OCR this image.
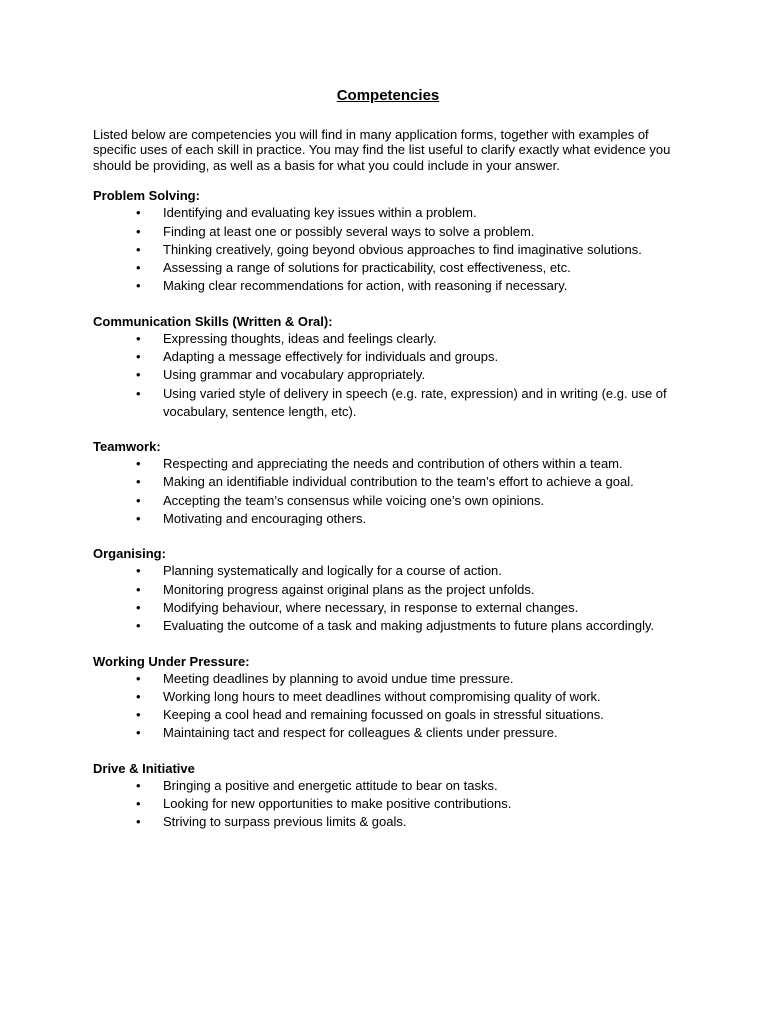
Competencies

Listed below are competencies you will find in many application forms, together with examples of specific uses of each skill in practice. You may find the list useful to clarify exactly what evidence you should be providing, as well as a basis for what you could include in your answer.

Problem Solving:

• Identifying and evaluating key issues within a problem.
• Finding at least one or possibly several ways to solve a problem.
• Thinking creatively, going beyond obvious approaches to find imaginative solutions.
• Assessing a range of solutions for practicability, cost effectiveness, etc.
• Making clear recommendations for action, with reasoning if necessary.

Communication Skills (Written & Oral):

• Expressing thoughts, ideas and feelings clearly.
• Adapting a message effectively for individuals and groups.
• Using grammar and vocabulary appropriately.
• Using varied style of delivery in speech (e.g. rate, expression) and in writing (e.g. use of vocabulary, sentence length, etc).

Teamwork:

• Respecting and appreciating the needs and contribution of others within a team.
• Making an identifiable individual contribution to the team’s effort to achieve a goal.
• Accepting the team’s consensus while voicing one’s own opinions.
• Motivating and encouraging others.

Organising:

• Planning systematically and logically for a course of action.
• Monitoring progress against original plans as the project unfolds.
• Modifying behaviour, where necessary, in response to external changes.
• Evaluating the outcome of a task and making adjustments to future plans accordingly.

Working Under Pressure:

• Meeting deadlines by planning to avoid undue time pressure.
• Working long hours to meet deadlines without compromising quality of work.
• Keeping a cool head and remaining focussed on goals in stressful situations.
• Maintaining tact and respect for colleagues & clients under pressure.

Drive & Initiative

• Bringing a positive and energetic attitude to bear on tasks.
• Looking for new opportunities to make positive contributions.
• Striving to surpass previous limits & goals.
